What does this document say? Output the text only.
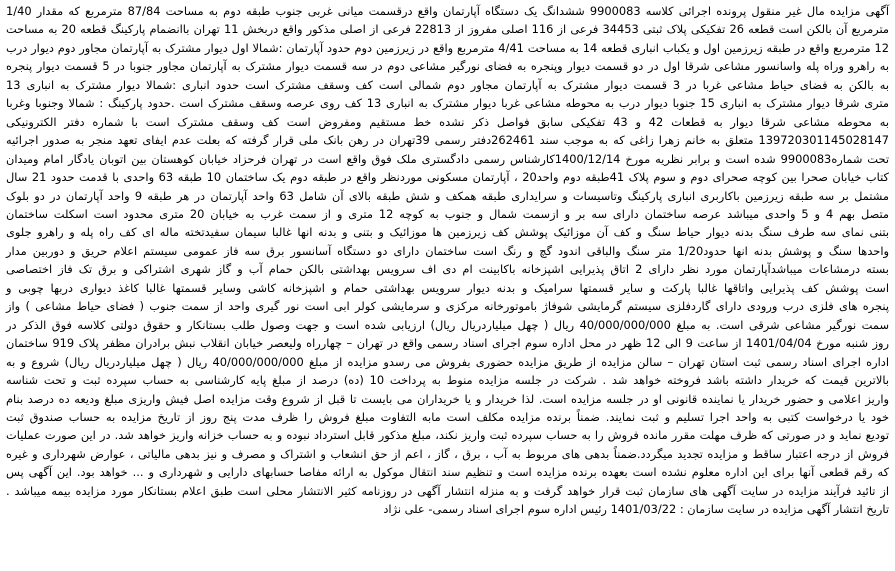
آگهی مزایده مال غیر منقول پرونده اجرائی کلاسه 9900083 ششدانگ یک دستگاه آپارتمان واقع درقسمت میانی غربی جنوب طبقه دوم به مساحت 87/84 مترمربع که مقدار 1/40
مترمربع آن بالکن است قطعه 26 تفکیکی پلاک ثبتی 34453 فرعی از 116 اصلی مفروز از 22813 فرعی از اصلی مذکور واقع دربخش 11 تهران باانضمام پارکینگ قطعه 20 به مساحت
12 مترمربع واقع در طبقه زیرزمین اول و یکباب انباری قطعه 14 به مساحت 4/41 مترمربع واقع در زیرزمین دوم حدود آپارتمان :شمالا اول دیوار مشترک به آپارتمان مجاور دوم دیوار درب
به راهرو وراه پله واسانسور مشاعی شرقا اول در دو قسمت دیوار وپنجره به فضای نورگیر مشاعی دوم در سه قسمت دیوار مشترک به آپارتمان مجاور جنوبا در 5 قسمت دیوار پنجره
به بالکن به فضای حیاط مشاعی غربا در 3 قسمت دیوار مشترک به آپارتمان مجاور دوم شمالی است کف وسقف مشترک است حدود انباری :شمالا دیوار مشترک به انباری 13
متری شرقا دیوار مشترک به انباری 15 جنوبا دیوار درب به محوطه مشاعی غربا دیوار مشترک به انباری 13 کف روی عرصه وسقف مشترک است .حدود پارکینگ : شمالا وجنوبا وغربا
به محوطه مشاعی شرقا دیوار به قطعات 42 و 43 تفکیکی سابق فواصل ذکر نشده خط مستقیم ومفروض است کف وسقف مشترک است با شماره دفتر الکترونیکی
139720301145028147 متعلق به خانم زهرا زاغی که به موجب سند 262461دفتر رسمی 39تهران در رهن بانک ملی قرار گرفته که بعلت عدم ایفای تعهد منجر به صدور اجرائیه
تحت شماره9900083 شده است و برابر نظریه مورخ 1400/12/14کارشناس رسمی دادگستری ملک فوق واقع است در تهران فرحزاد خیابان کوهستان بین اتوبان یادگار امام ومیدان
کتاب خیابان صحرا بین کوچه صحرای دوم و سوم پلاک 41طبقه دوم واحد20 ، آپارتمان مسکونی موردنظر واقع در طبقه دوم یک ساختمان 10 طبقه 63 واحدی با قدمت حدود 21 سال
مشتمل بر سه طبقه زیرزمین باکاربری انباری پارکینگ وتاسیسات و سرایداری طبقه همکف و شش طبقه بالای آن شامل 63 واحد آپارتمان در هر طبقه 9 واحد آپارتمان در دو بلوک
متصل بهم 4 و 5 واحدی میباشد عرصه ساختمان دارای سه بر و ازسمت شمال و جنوب به کوچه 12 متری و از سمت غرب به خیابان 20 متری محدود است اسکلت ساختمان
بتنی نمای سه طرف سنگ بدنه دیوار حیاط سنگ و کف آن موزائیک پوشش کف زیرزمین ها موزائیک و بتنی و بدنه انها غالبا سیمان سفیدتخته ماله ای کف راه پله و راهرو جلوی
واحدها سنگ و پوشش بدنه انها حدود1/20 متر سنگ والباقی اندود گچ و رنگ است ساختمان دارای دو دستگاه آسانسور برق سه فاز عمومی سیستم اعلام حریق و دوربین مدار
بسته درمشاعات میباشدآپارتمان مورد نظر دارای 2 اتاق پذیرایی اشپزخانه باکابینت ام دی اف سرویس بهداشتی بالکن حمام آب و گاز شهری اشتراکی و برق تک فاز اختصاصی
است پوشش کف پذیرایی واتاقها غالبا پارکت و سایر قسمتها سرامیک و بدنه دیوار سرویس بهداشتی حمام و اشپزخانه کاشی وسایر قسمتها غالبا کاغذ دیواری دربها چوبی و
پنجره های فلزی درب ورودی دارای گاردفلزی سیستم گرمایشی شوفاژ باموتورخانه مرکزی و سرمایشی کولر ابی است نور گیری واحد از سمت جنوب ( فضای حیاط مشاعی ) واز
سمت نورگیر مشاعی شرقی است. به مبلغ 40/000/000/000 ریال ( چهل میلیاردریال ریال) ارزیابی شده است و جهت وصول طلب بستانکار و حقوق دولتی کلاسه فوق الذکر در
روز شنبه مورخ 1401/04/04 از ساعت 9 الی 12 ظهر در محل اداره سوم اجرای اسناد رسمی واقع در تهران – چهارراه ولیعصر خیابان انقلاب نبش برادران مظفر پلاک 919 ساختمان
اداره اجرای اسناد رسمی ثبت استان تهران – سالن مزایده از طریق مزایده حضوری بفروش می رسدو مزایده از مبلغ 40/000/000/000 ریال ( چهل میلیاردریال ریال) شروع و به
بالاترین قیمت که خریدار داشته باشد فروخته خواهد شد . شرکت در جلسه مزایده منوط به پرداخت 10 (ده) درصد از مبلغ پایه کارشناسی به حساب سپرده ثبت و تحت شناسه
واریز اعلامی و حضور خریدار یا نماینده قانونی او در جلسه مزایده است. لذا خریدار و یا خریداران می بایست تا قبل از شروع وقت مزایده اصل فیش واریزی مبلغ ودیعه ده درصد بنام
خود یا درخواست کتبی به واحد اجرا تسلیم و ثبت نمایند. ضمناً برنده مزایده مکلف است مابه التفاوت مبلغ فروش را ظرف مدت پنج روز از تاریخ مزایده به حساب صندوق ثبت
تودیع نماید و در صورتی که ظرف مهلت مقرر مانده فروش را به حساب سپرده ثبت واریز نکند، مبلغ مذکور قابل استرداد نبوده و به حساب خزانه واریز خواهد شد. در این صورت عملیات
فروش از درجه اعتبار ساقط و مزایده تجدید میگردد.ضمناً بدهی های مربوط به آب ، برق ، گاز ، اعم از حق انشعاب و اشتراک و مصرف و نیز بدهی مالیاتی ، عوارض شهرداری و غیره
که رقم قطعی آنها برای این اداره معلوم نشده است بعهده برنده مزایده است و تنظیم سند انتقال موکول به ارائه مفاصا حسابهای دارایی و شهرداری و ... خواهد بود. این آگهی پس
از تائید فرآیند مزایده در سایت آگهی های سازمان ثبت قرار خواهد گرفت و به منزله انتشار آگهی در روزنامه کثیر الانتشار محلی است طبق اعلام بستانکار مورد مزایده بیمه میباشد .
تاریخ انتشار آگهی مزایده در سایت سازمان : 1401/03/22 رئیس اداره سوم اجرای اسناد رسمی- علی نژاد
